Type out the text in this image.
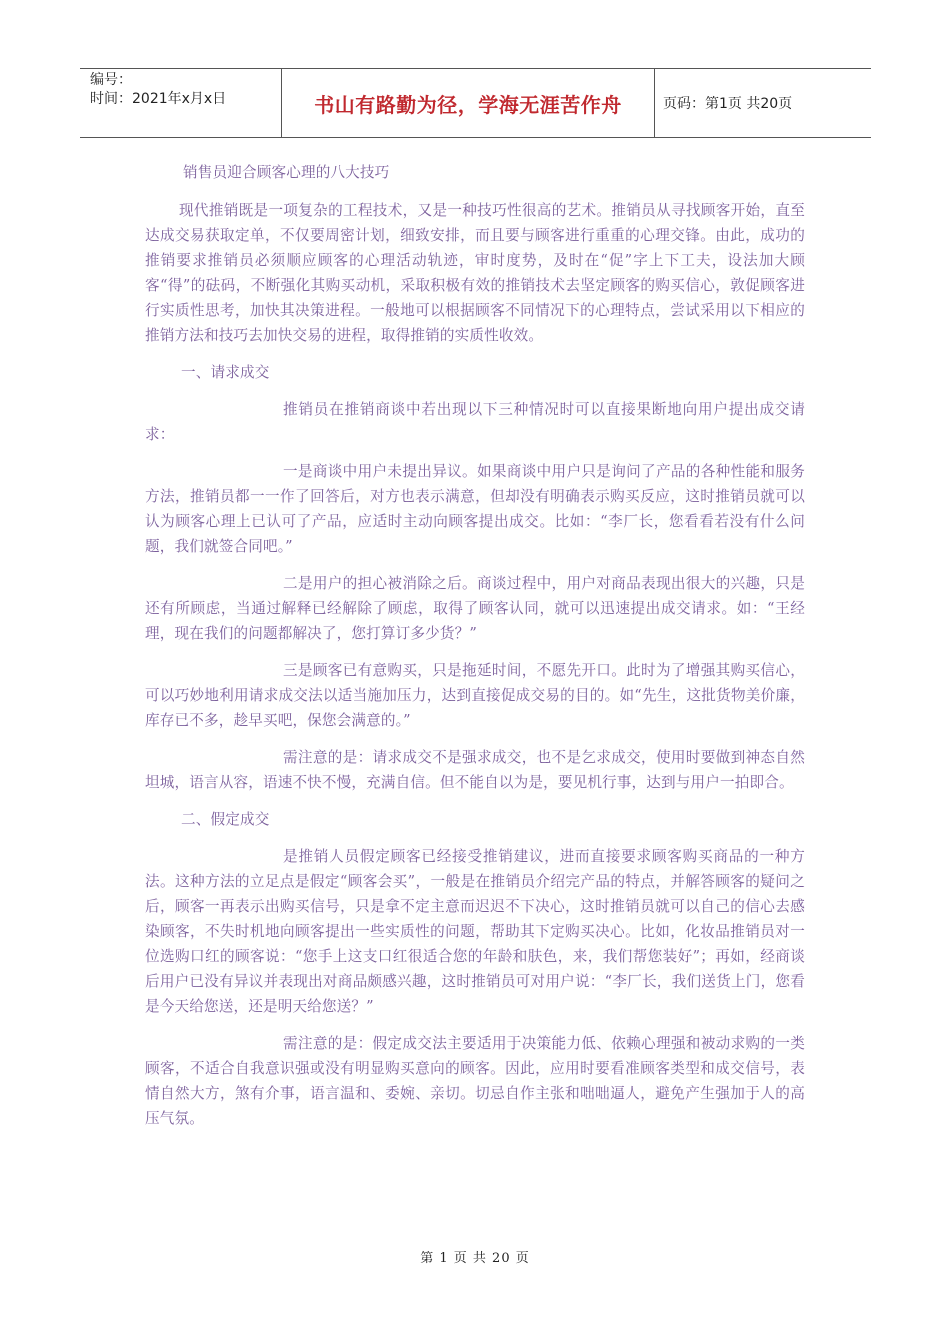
编号：
时间：2021年x月x日	书山有路勤为径，学海无涯苦作舟	页码：第1页 共20页

销售员迎合顾客心理的八大技巧

现代推销既是一项复杂的工程技术，又是一种技巧性很高的艺术。推销员从寻找顾客开始，直至达成交易获取定单，不仅要周密计划，细致安排，而且要与顾客进行重重的心理交锋。由此，成功的推销要求推销员必须顺应顾客的心理活动轨迹，审时度势，及时在“促”字上下工夫，设法加大顾客“得”的砝码，不断强化其购买动机，采取积极有效的推销技术去坚定顾客的购买信心，敦促顾客进行实质性思考，加快其决策进程。一般地可以根据顾客不同情况下的心理特点，尝试采用以下相应的推销方法和技巧去加快交易的进程，取得推销的实质性收效。

一、请求成交

推销员在推销商谈中若出现以下三种情况时可以直接果断地向用户提出成交请求：

一是商谈中用户未提出异议。如果商谈中用户只是询问了产品的各种性能和服务方法，推销员都一一作了回答后，对方也表示满意，但却没有明确表示购买反应，这时推销员就可以认为顾客心理上已认可了产品，应适时主动向顾客提出成交。比如：“李厂长，您看看若没有什么问题，我们就签合同吧。”

二是用户的担心被消除之后。商谈过程中，用户对商品表现出很大的兴趣，只是还有所顾虑，当通过解释已经解除了顾虑，取得了顾客认同，就可以迅速提出成交请求。如：“王经理，现在我们的问题都解决了，您打算订多少货？”

三是顾客已有意购买，只是拖延时间，不愿先开口。此时为了增强其购买信心，可以巧妙地利用请求成交法以适当施加压力，达到直接促成交易的目的。如“先生，这批货物美价廉，库存已不多，趁早买吧，保您会满意的。”

需注意的是：请求成交不是强求成交，也不是乞求成交，使用时要做到神态自然坦城，语言从容，语速不快不慢，充满自信。但不能自以为是，要见机行事，达到与用户一拍即合。

二、假定成交

是推销人员假定顾客已经接受推销建议，进而直接要求顾客购买商品的一种方法。这种方法的立足点是假定“顾客会买”，一般是在推销员介绍完产品的特点，并解答顾客的疑问之后，顾客一再表示出购买信号，只是拿不定主意而迟迟不下决心，这时推销员就可以自己的信心去感染顾客，不失时机地向顾客提出一些实质性的问题，帮助其下定购买决心。比如，化妆品推销员对一位选购口红的顾客说：“您手上这支口红很适合您的年龄和肤色，来，我们帮您装好”；再如，经商谈后用户已没有异议并表现出对商品颇感兴趣，这时推销员可对用户说：“李厂长，我们送货上门，您看是今天给您送，还是明天给您送？”

需注意的是：假定成交法主要适用于决策能力低、依赖心理强和被动求购的一类顾客，不适合自我意识强或没有明显购买意向的顾客。因此，应用时要看准顾客类型和成交信号，表情自然大方，煞有介事，语言温和、委婉、亲切。切忌自作主张和咄咄逼人，避免产生强加于人的高压气氛。

第 1 页 共 20 页
